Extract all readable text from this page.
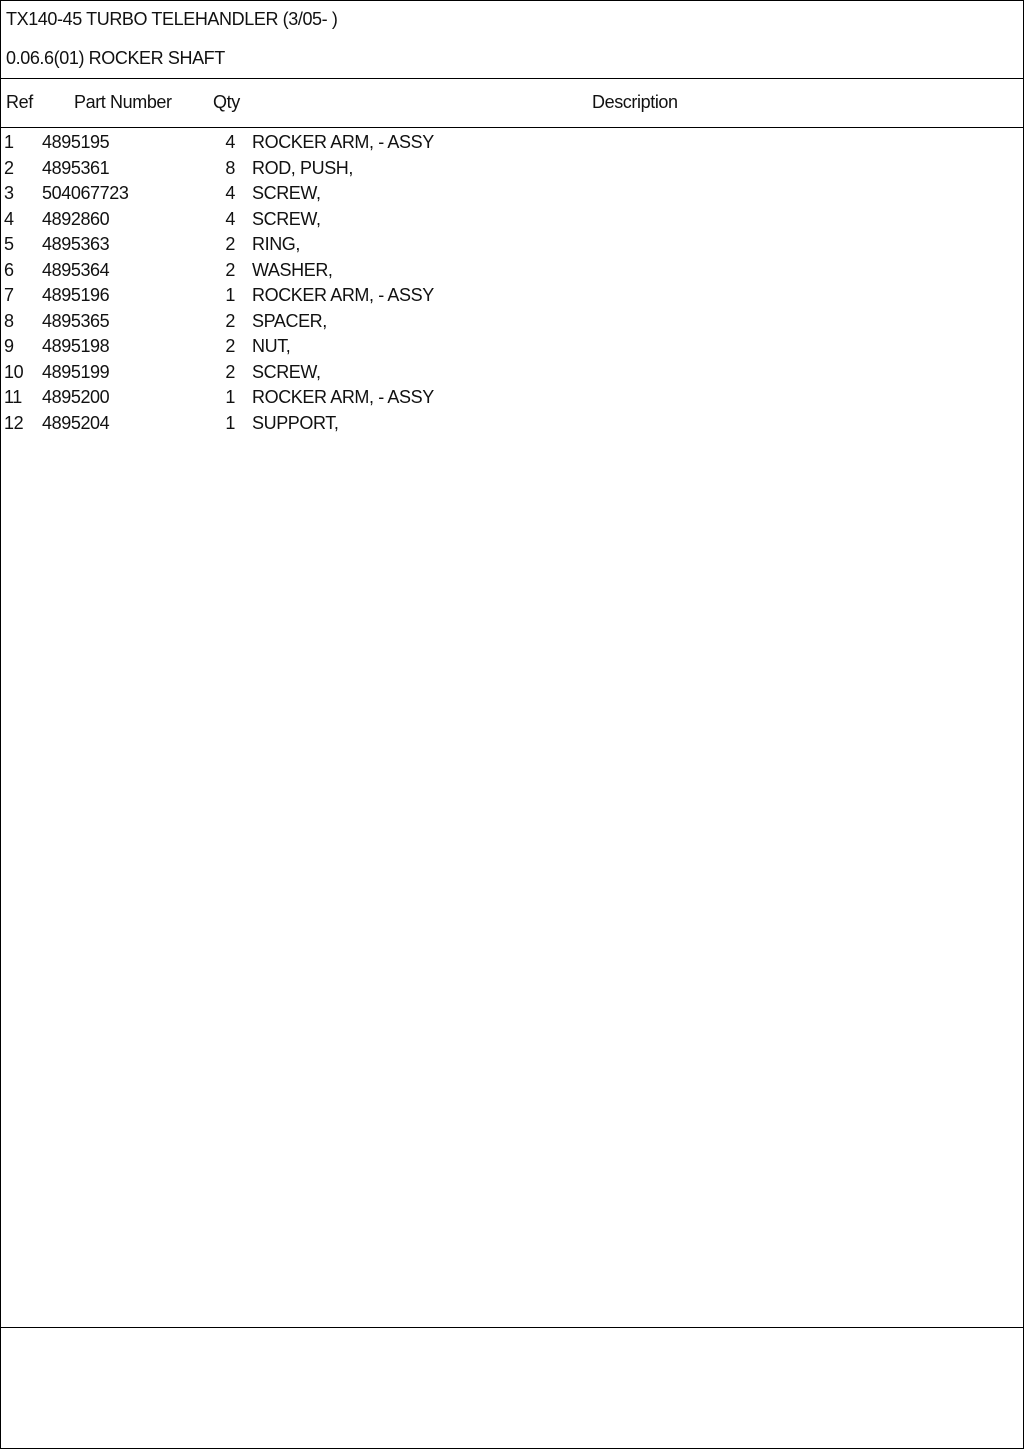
TX140-45 TURBO TELEHANDLER (3/05- )
0.06.6(01) ROCKER SHAFT
Ref Part Number Qty	Description
1 4895195	4 ROCKER ARM, - ASSY
2 4895361	8 ROD, PUSH,
3 504067723	4 SCREW,
4 4892860	4 SCREW,
5 4895363	2 RING,
6 4895364	2 WASHER,
7 4895196	1 ROCKER ARM, - ASSY
8 4895365	2 SPACER,
9 4895198	2 NUT,
10 4895199	2 SCREW,
11 4895200	1 ROCKER ARM, - ASSY
12 4895204	1 SUPPORT,
